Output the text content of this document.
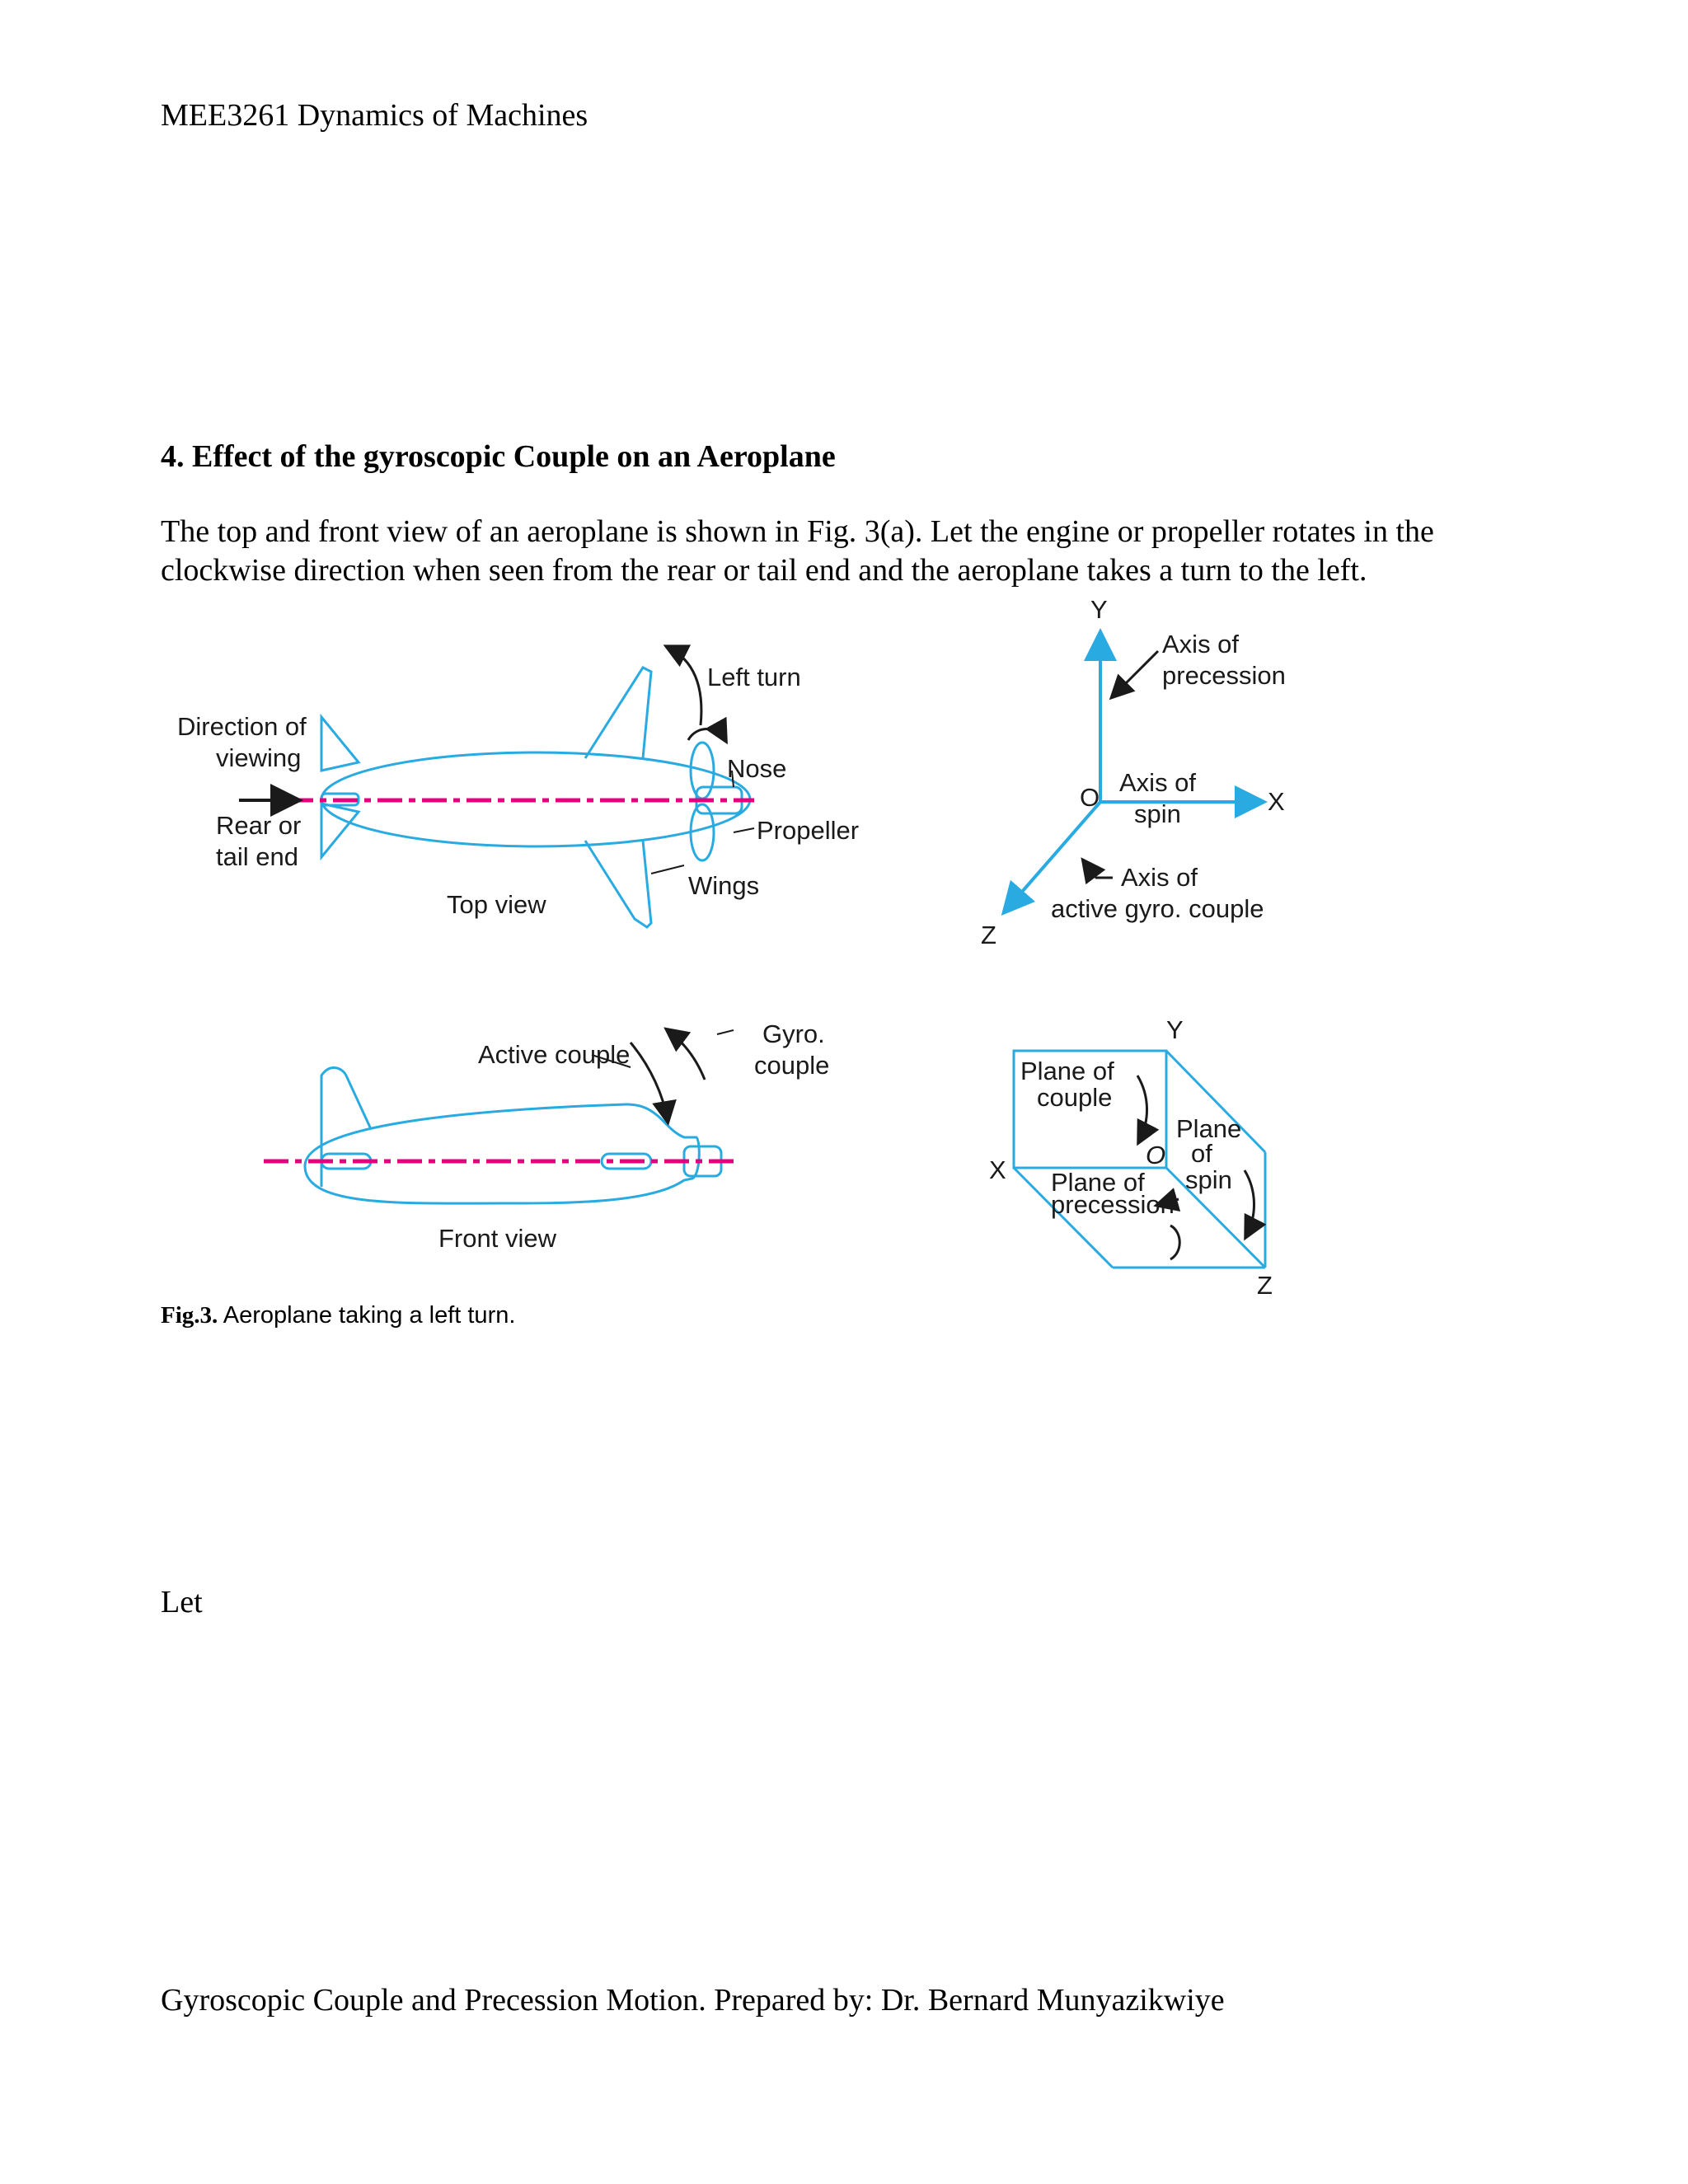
MEE3261 Dynamics of Machines
4. Effect of the gyroscopic Couple on an Aeroplane

The top and front view of an aeroplane is shown in Fig. 3(a). Let the engine or propeller rotates in the clockwise direction when seen from the rear or tail end and the aeroplane takes a turn to the left.

Direction of
viewing
Rear or
tail end
Left turn
Nose
Propeller
Wings
Top view
Y
X
Z
O
Axis of
precession
Axis of
spin
Axis of
active gyro. couple
Active couple
Gyro.
couple
Front view
Y
X
Z
O
Plane of
couple
Plane
of
spin
Plane of
precession
Fig.3. Aeroplane taking a left turn.
Let
Gyroscopic Couple and Precession Motion. Prepared by: Dr. Bernard Munyazikwiye
